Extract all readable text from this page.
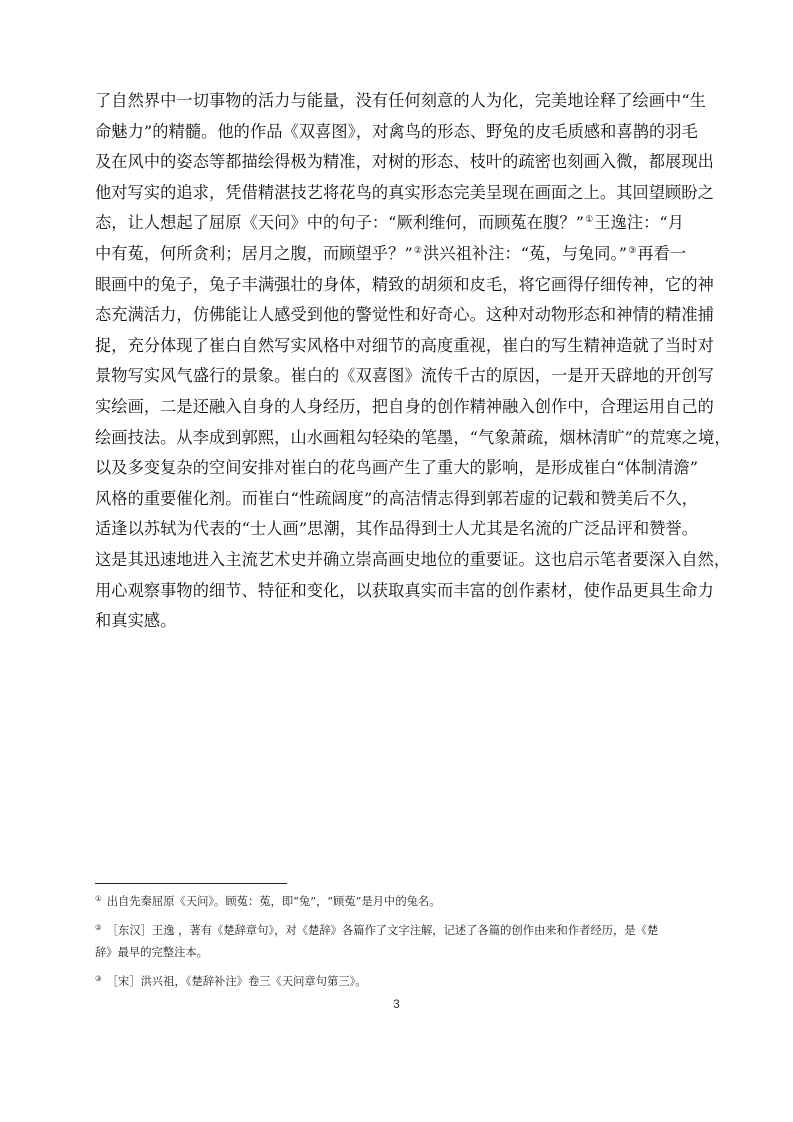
了自然界中一切事物的活力与能量，没有任何刻意的人为化，完美地诠释了绘画中“生
命魅力”的精髓。他的作品《双喜图》，对禽鸟的形态、野兔的皮毛质感和喜鹊的羽毛
及在风中的姿态等都描绘得极为精准，对树的形态、枝叶的疏密也刻画入微，都展现出
他对写实的追求，凭借精湛技艺将花鸟的真实形态完美呈现在画面之上。其回望顾盼之
态，让人想起了屈原《天问》中的句子：“厥利维何，而顾菟在腹？”①王逸注：“月
中有菟，何所贪利；居月之腹，而顾望乎？”②洪兴祖补注：“菟，与兔同。”③再看一
眼画中的兔子，兔子丰满强壮的身体，精致的胡须和皮毛，将它画得仔细传神，它的神
态充满活力，仿佛能让人感受到他的警觉性和好奇心。这种对动物形态和神情的精准捕
捉，充分体现了崔白自然写实风格中对细节的高度重视，崔白的写生精神造就了当时对
景物写实风气盛行的景象。崔白的《双喜图》流传千古的原因，一是开天辟地的开创写
实绘画，二是还融入自身的人身经历，把自身的创作精神融入创作中，合理运用自己的
绘画技法。从李成到郭熙，山水画粗勾轻染的笔墨，“气象萧疏，烟林清旷”的荒寒之境，
以及多变复杂的空间安排对崔白的花鸟画产生了重大的影响，是形成崔白“体制清澹”
风格的重要催化剂。而崔白“性疏阔度”的高洁情志得到郭若虚的记载和赞美后不久，
适逢以苏轼为代表的“士人画”思潮，其作品得到士人尤其是名流的广泛品评和赞誉。
这是其迅速地进入主流艺术史并确立崇高画史地位的重要证。这也启示笔者要深入自然，
用心观察事物的细节、特征和变化，以获取真实而丰富的创作素材，使作品更具生命力
和真实感。
① 出自先秦屈原《天问》。顾菟：菟，即“兔”，“顾菟”是月中的兔名。
② ［东汉］王逸 ，著有《楚辞章句》，对《楚辞》各篇作了文字注解，记述了各篇的创作由来和作者经历，是《楚
辞》最早的完整注本。
③ ［宋］洪兴祖，《楚辞补注》卷三《天问章句第三》。
3
